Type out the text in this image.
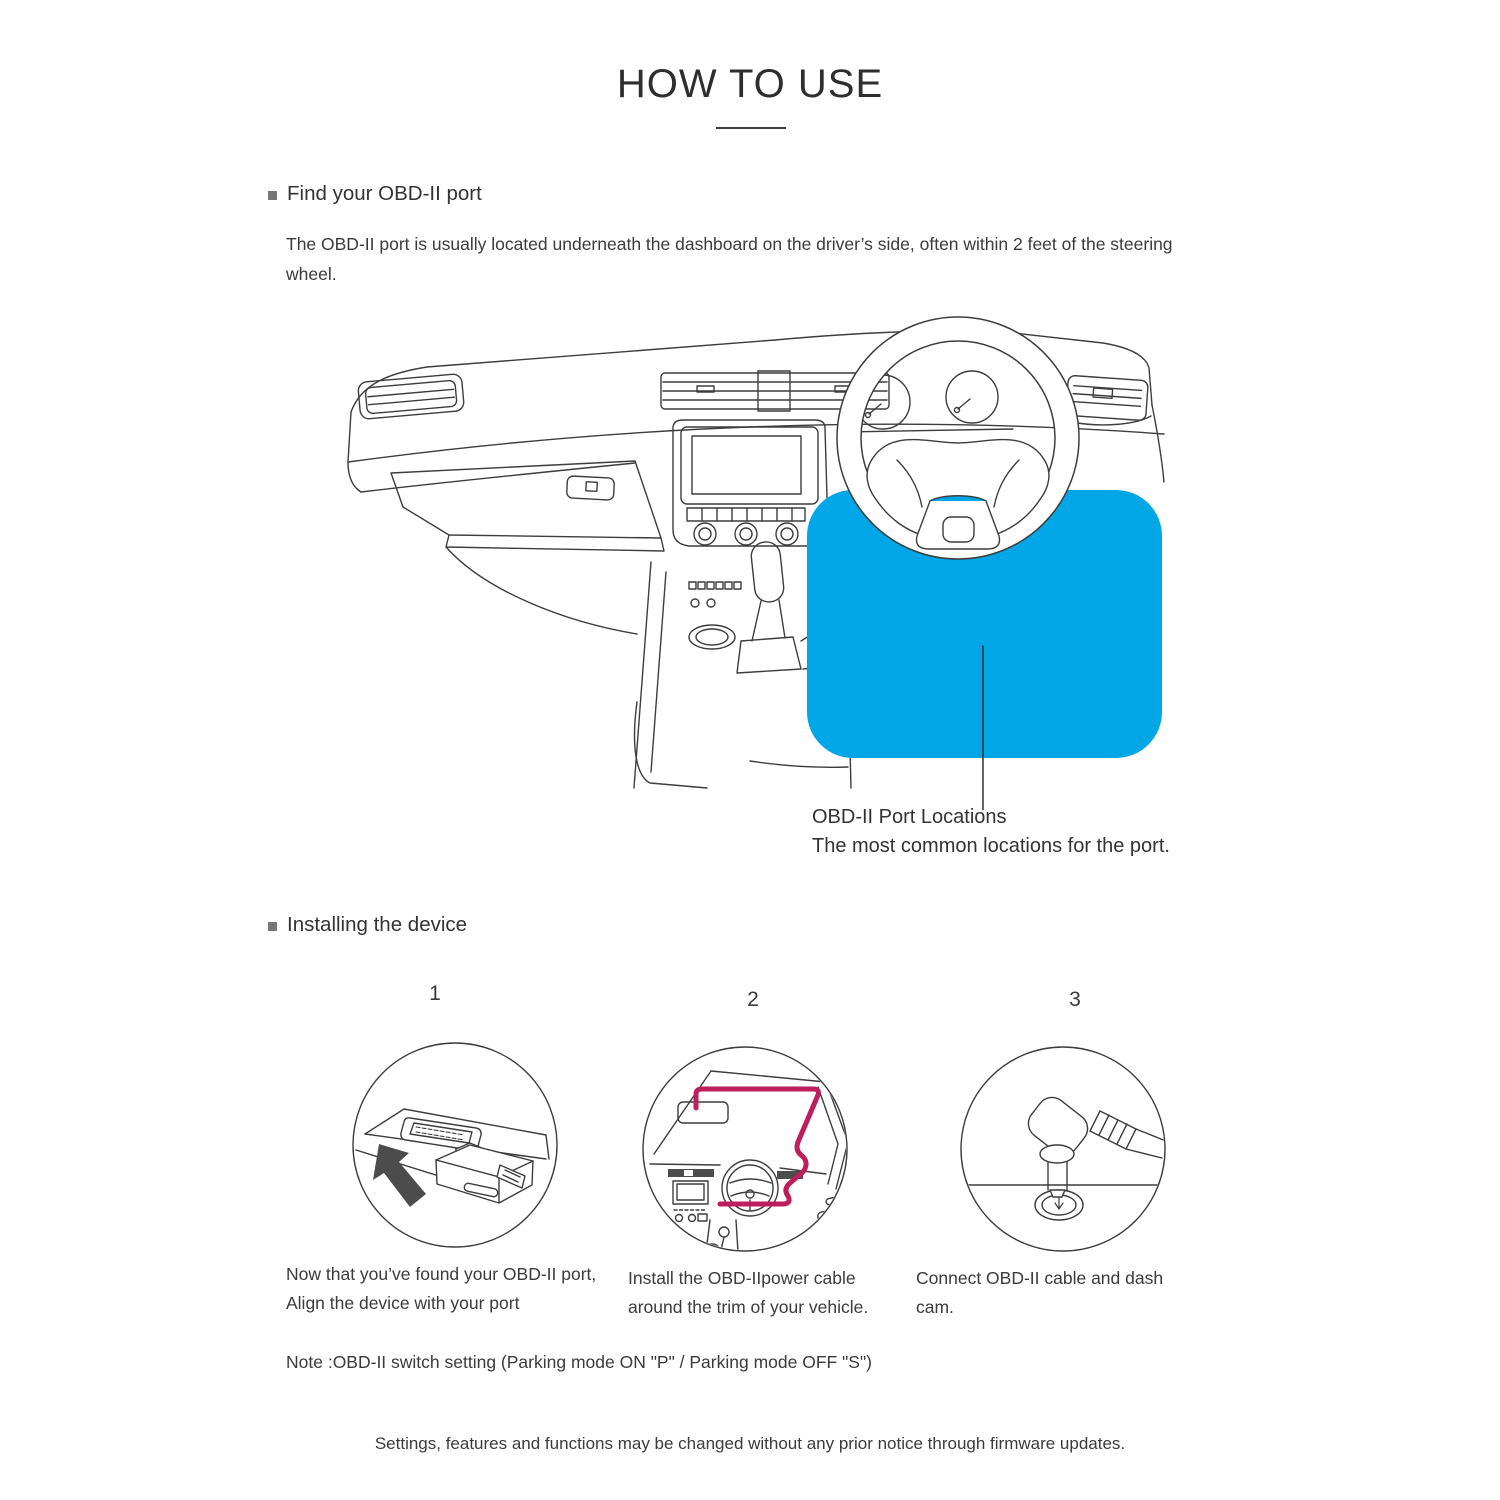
HOW TO USE
Find your OBD-II port
The OBD-II port is usually located underneath the dashboard on the driver’s side, often within 2 feet of the steering wheel.
OBD-II Port Locations
The most common locations for the port.
Installing the device
1	2	3
Now that you’ve found your OBD-II port,
Align the device with your port
Install the OBD-IIpower cable
around the trim of your vehicle.
Connect OBD-II cable and dash
cam.
Note :OBD-II switch setting (Parking mode ON "P" / Parking mode OFF "S")
Settings, features and functions may be changed without any prior notice through firmware updates.
